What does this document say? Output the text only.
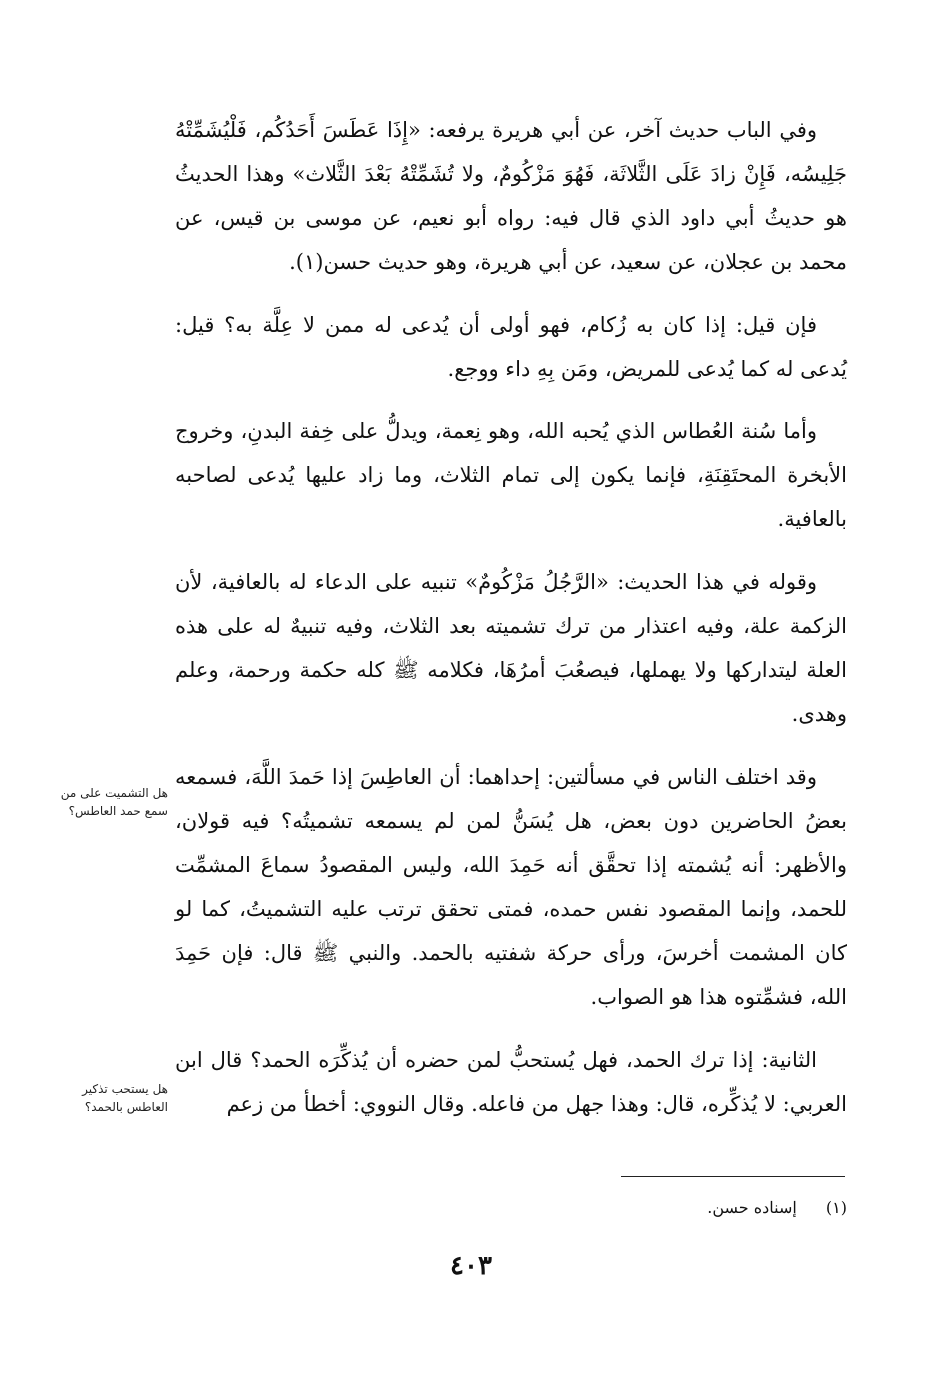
وفي الباب حديث آخر، عن أبي هريرة يرفعه: «إِذَا عَطَسَ أَحَدُكُم، فَلْيُشَمِّتْهُ جَلِيسُه، فَإِنْ زادَ عَلَى الثَّلاثَة، فَهُوَ مَزْكُومٌ، ولا تُشَمِّتْهُ بَعْدَ الثَّلاث» وهذا الحديثُ هو حديثُ أبي داود الذي قال فيه: رواه أبو نعيم، عن موسى بن قيس، عن محمد بن عجلان، عن سعيد، عن أبي هريرة، وهو حديث حسن(١).

فإن قيل: إذا كان به زُكام، فهو أولى أن يُدعى له ممن لا عِلَّة به؟ قيل: يُدعى له كما يُدعى للمريض، ومَن بِهِ داء ووجع.

وأما سُنة العُطاس الذي يُحبه الله، وهو نِعمة، ويدلُّ على خِفة البدنِ، وخروج الأبخرة المحتَقِنَةِ، فإنما يكون إلى تمام الثلاث، وما زاد عليها يُدعى لصاحبه بالعافية.

وقوله في هذا الحديث: «الرَّجُلُ مَزْكُومٌ» تنبيه على الدعاء له بالعافية، لأن الزكمة علة، وفيه اعتذار من ترك تشميته بعد الثلاث، وفيه تنبيهٌ له على هذه العلة ليتداركها ولا يهملها، فيصعُبَ أمرُهَا، فكلامه ﷺ كله حكمة ورحمة، وعلم وهدى.

وقد اختلف الناس في مسألتين: إحداهما: أن العاطِسَ إذا حَمدَ اللَّهَ، فسمعه بعضُ الحاضرين دون بعض، هل يُسَنُّ لمن لم يسمعه تشميتُه؟ فيه قولان، والأظهر: أنه يُشمته إذا تحقَّق أنه حَمِدَ الله، وليس المقصودُ سماعَ المشمِّت للحمد، وإنما المقصود نفس حمده، فمتى تحقق ترتب عليه التشميتُ، كما لو كان المشمت أخرسَ، ورأى حركة شفتيه بالحمد. والنبي ﷺ قال: فإن حَمِدَ الله، فشمِّتوه هذا هو الصواب.

الثانية: إذا ترك الحمد، فهل يُستحبُّ لمن حضره أن يُذكِّرَه الحمد؟ قال ابن العربي: لا يُذكِّره، قال: وهذا جهل من فاعله. وقال النووي: أخطأ من زعم

هل التشميت على من سمع حمد العاطس؟
هل يستحب تذكير العاطس بالحمد؟
(١) إسناده حسن.
٤٠٣
